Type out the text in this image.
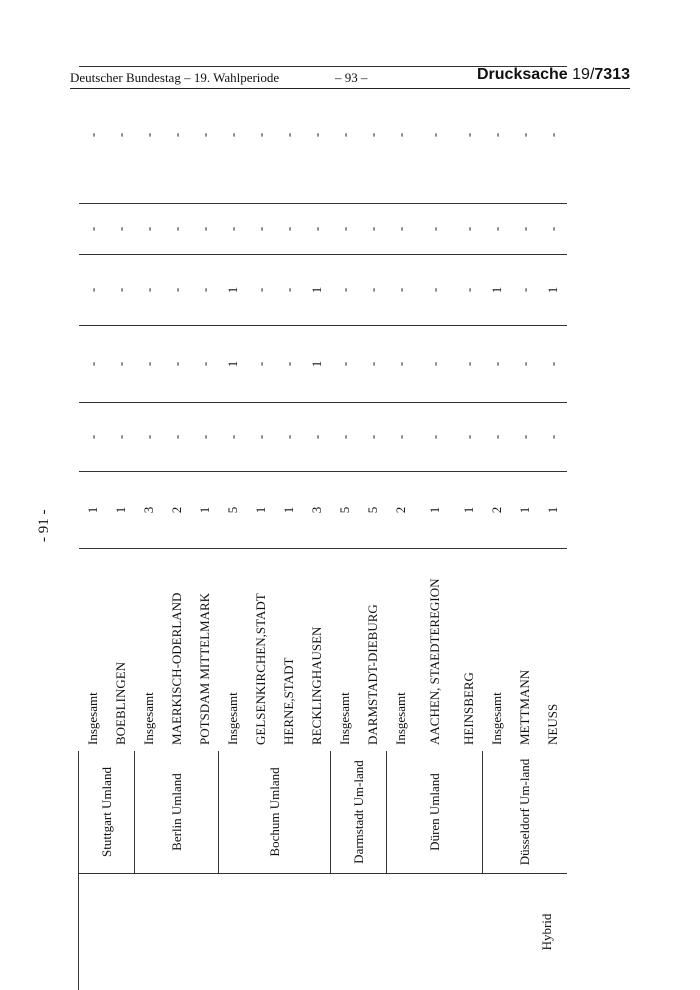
Deutscher Bundestag – 19. Wahlperiode	– 93 –	Drucksache 19/7313
- 91 -
Hybrid	Stuttgart Umland	Insgesamt	1	-	-	-	-	-		
		BOEBLINGEN	1	-	-	-	-	-		
	Berlin Umland	Insgesamt	3	-	-	-	-	-		
		MAERKISCH-ODERLAND	2	-	-	-	-	-		
		POTSDAM MITTELMARK	1	-	-	-	-	-		
	Bochum Umland	Insgesamt	5	-	1	1	-	-		
		GELSENKIRCHEN,STADT	1	-	-	-	-	-		
		HERNE,STADT	1	-	-	-	-	-		
		RECKLINGHAUSEN	3	-	1	1	-	-		
	Darmstadt Um-land	Insgesamt	5	-	-	-	-	-		
		DARMSTADT-DIEBURG	5	-	-	-	-	-		
	Düren Umland	Insgesamt	2	-	-	-	-	-		
		AACHEN, STAEDTEREGION	1	-	-	-	-	-		
		HEINSBERG	1	-	-	-	-	-		
	Düsseldorf Um-land	Insgesamt	2	-	-	1	-	-		
		METTMANN	1	-	-	-	-	-		
		NEUSS	1	-	-	1	-	-		
